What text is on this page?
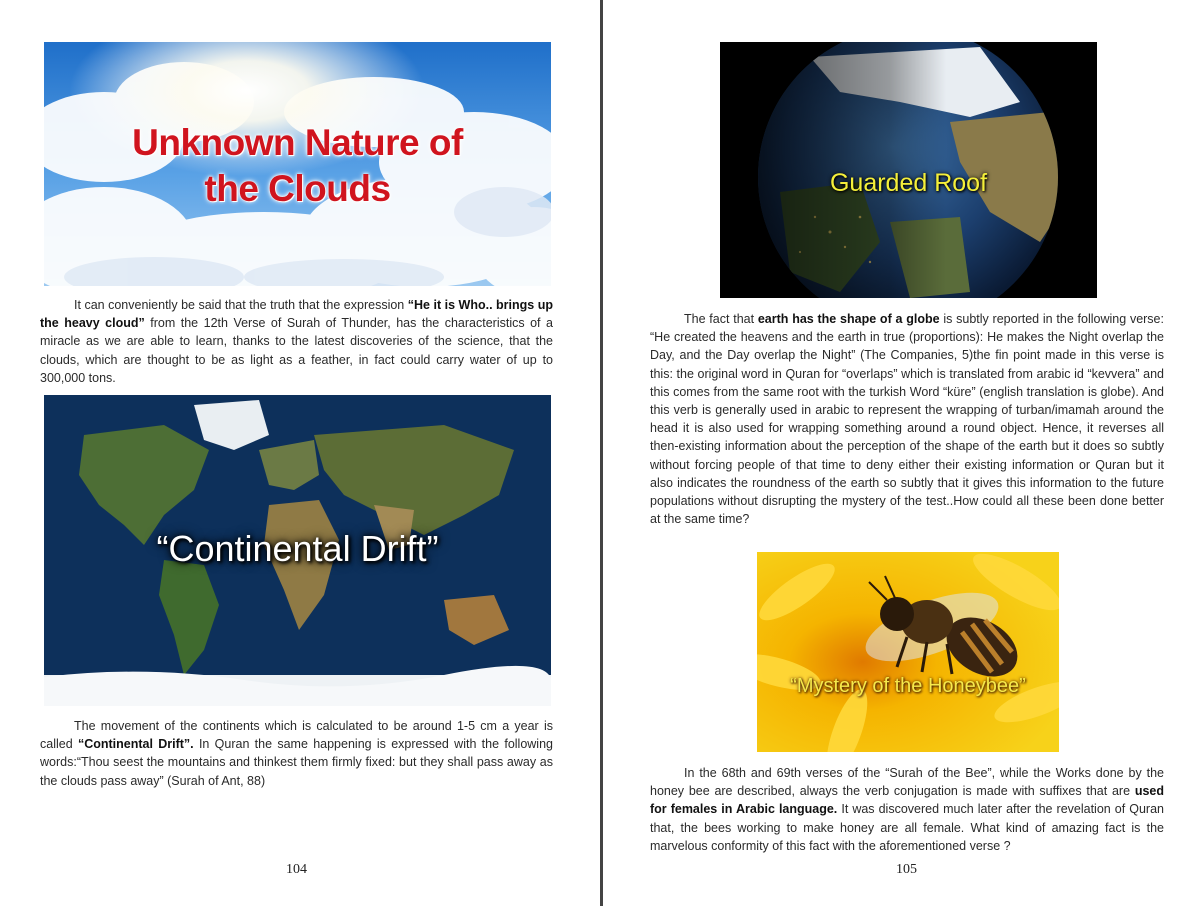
Unknown Nature of
the Clouds

It can conveniently be said that the truth that the expression “He it is Who.. brings up the heavy cloud” from the 12th Verse of Surah of Thunder, has the characteristics of a miracle as we are able to learn, thanks to the latest discoveries of the science, that the clouds, which are thought to be as light as a feather, in fact could carry water of up to 300,000 tons.

“Continental Drift”

The movement of the continents which is calculated to be around 1-5 cm a year is called “Continental Drift”. In Quran the same happening is expressed with the following words:“Thou seest the mountains and thinkest them firmly fixed: but they shall pass away as the clouds pass away” (Surah of Ant, 88)

104
Guarded Roof

The fact that earth has the shape of a globe is subtly reported in the following verse: “He created the heavens and the earth in true (proportions): He makes the Night overlap the Day, and the Day overlap the Night” (The Companies, 5)the fin point made in this verse is this: the original word in Quran for “overlaps” which is translated from arabic id “kevvera” and this comes from the same root with the turkish Word “küre” (english translation is globe). And this verb is generally used in arabic to represent the wrapping of turban/imamah around the head it is also used for wrapping something around a round object. Hence, it reverses all then-existing information about the perception of the shape of the earth but it does so subtly without forcing people of that time to deny either their existing information or Quran but it also indicates the roundness of the earth so subtly that it gives this information to the future populations without disrupting the mystery of the test..How could all these been done better at the same time?

“Mystery of the Honeybee”

In the 68th and 69th verses of the “Surah of the Bee”, while the Works done by the honey bee are described, always the verb conjugation is made with suffixes that are used for females in Arabic language. It was discovered much later after the revelation of Quran that, the bees working to make honey are all female. What kind of amazing fact is the marvelous conformity of this fact with the aforementioned verse ?

105
